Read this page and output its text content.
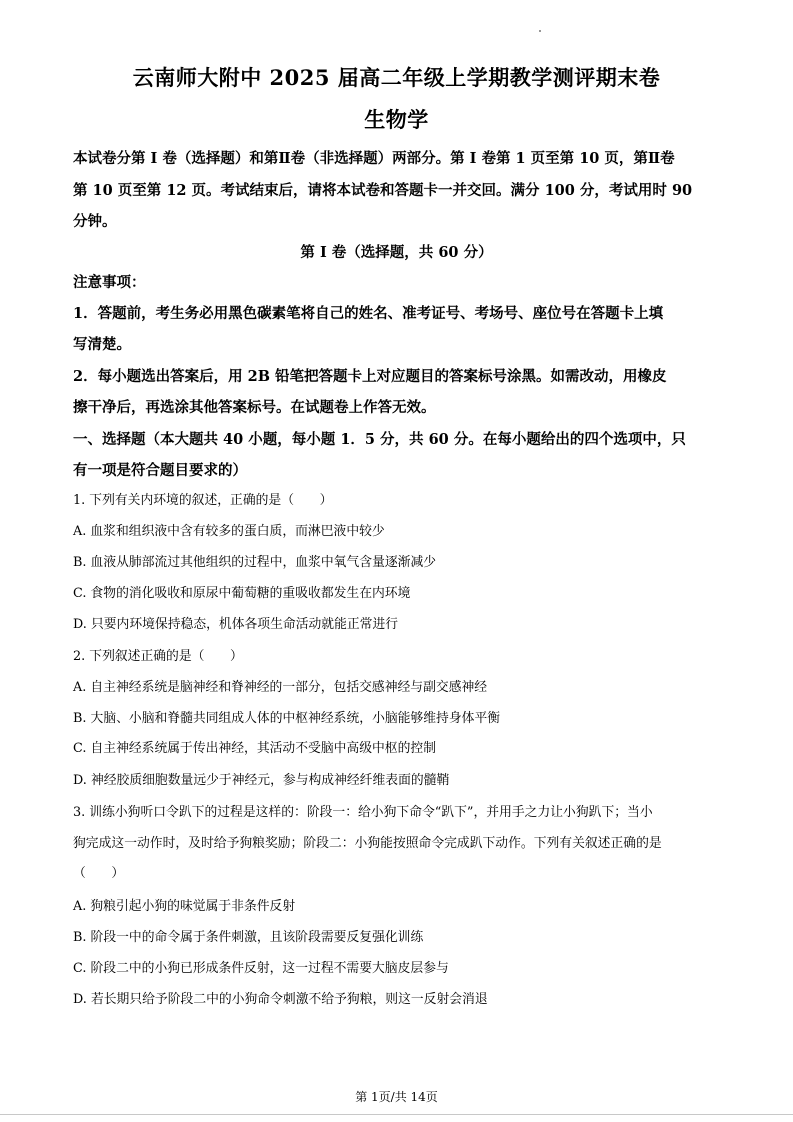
云南师大附中 2025 届高二年级上学期教学测评期末卷
生物学
本试卷分第 I 卷（选择题）和第Ⅱ卷（非选择题）两部分。第 I 卷第 1 页至第 10 页，第Ⅱ卷
第 10 页至第 12 页。考试结束后，请将本试卷和答题卡一并交回。满分 100 分，考试用时 90
分钟。
第 I 卷（选择题，共 60 分）
注意事项：
1．答题前，考生务必用黑色碳素笔将自己的姓名、准考证号、考场号、座位号在答题卡上填
写清楚。
2．每小题选出答案后，用 2B 铅笔把答题卡上对应题目的答案标号涂黑。如需改动，用橡皮
擦干净后，再选涂其他答案标号。在试题卷上作答无效。
一、选择题（本大题共 40 小题，每小题 1．5 分，共 60 分。在每小题给出的四个选项中，只
有一项是符合题目要求的）
1. 下列有关内环境的叙述，正确的是（　　）
A. 血浆和组织液中含有较多的蛋白质，而淋巴液中较少
B. 血液从肺部流过其他组织的过程中，血浆中氧气含量逐渐减少
C. 食物的消化吸收和原尿中葡萄糖的重吸收都发生在内环境
D. 只要内环境保持稳态，机体各项生命活动就能正常进行
2. 下列叙述正确的是（　　）
A. 自主神经系统是脑神经和脊神经的一部分，包括交感神经与副交感神经
B. 大脑、小脑和脊髓共同组成人体的中枢神经系统，小脑能够维持身体平衡
C. 自主神经系统属于传出神经，其活动不受脑中高级中枢的控制
D. 神经胶质细胞数量远少于神经元，参与构成神经纤维表面的髓鞘
3. 训练小狗听口令趴下的过程是这样的：阶段一：给小狗下命令“趴下”，并用手之力让小狗趴下；当小
狗完成这一动作时，及时给予狗粮奖励；阶段二：小狗能按照命令完成趴下动作。下列有关叙述正确的是
（　　）
A. 狗粮引起小狗的味觉属于非条件反射
B. 阶段一中的命令属于条件刺激，且该阶段需要反复强化训练
C. 阶段二中的小狗已形成条件反射，这一过程不需要大脑皮层参与
D. 若长期只给予阶段二中的小狗命令刺激不给予狗粮，则这一反射会消退
第 1页/共 14页
